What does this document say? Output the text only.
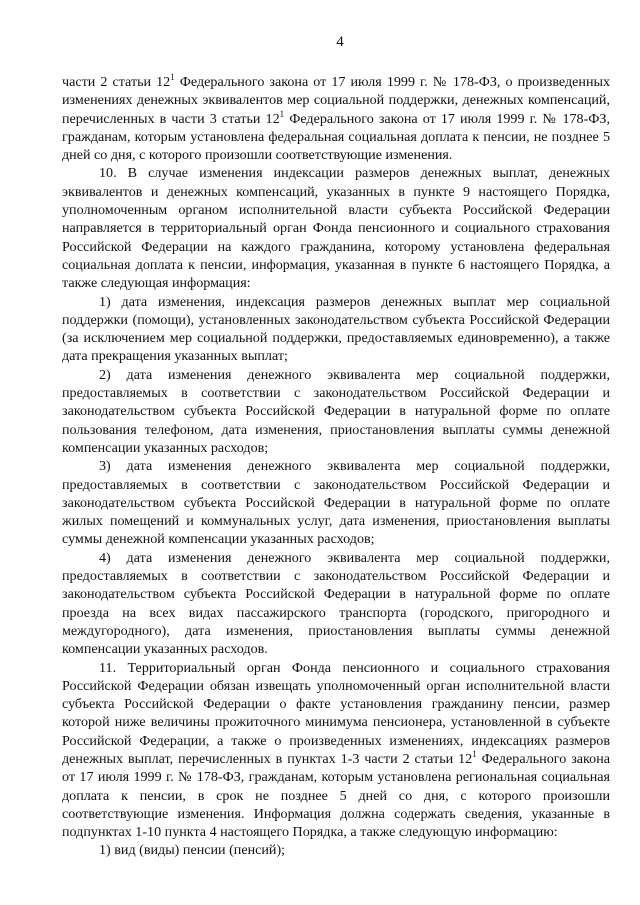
4

части 2 статьи $12^1$ Федерального закона от 17 июля 1999 г. № 178-ФЗ, о произведенных изменениях денежных эквивалентов мер социальной поддержки, денежных компенсаций, перечисленных в части 3 статьи $12^1$ Федерального закона от 17 июля 1999 г. № 178-ФЗ, гражданам, которым установлена федеральная социальная доплата к пенсии, не позднее 5 дней со дня, с которого произошли соответствующие изменения.

10. В случае изменения индексации размеров денежных выплат, денежных эквивалентов и денежных компенсаций, указанных в пункте 9 настоящего Порядка, уполномоченным органом исполнительной власти субъекта Российской Федерации направляется в территориальный орган Фонда пенсионного и социального страхования Российской Федерации на каждого гражданина, которому установлена федеральная социальная доплата к пенсии, информация, указанная в пункте 6 настоящего Порядка, а также следующая информация:

1) дата изменения, индексация размеров денежных выплат мер социальной поддержки (помощи), установленных законодательством субъекта Российской Федерации (за исключением мер социальной поддержки, предоставляемых единовременно), а также дата прекращения указанных выплат;

2) дата изменения денежного эквивалента мер социальной поддержки, предоставляемых в соответствии с законодательством Российской Федерации и законодательством субъекта Российской Федерации в натуральной форме по оплате пользования телефоном, дата изменения, приостановления выплаты суммы денежной компенсации указанных расходов;

3) дата изменения денежного эквивалента мер социальной поддержки, предоставляемых в соответствии с законодательством Российской Федерации и законодательством субъекта Российской Федерации в натуральной форме по оплате жилых помещений и коммунальных услуг, дата изменения, приостановления выплаты суммы денежной компенсации указанных расходов;

4) дата изменения денежного эквивалента мер социальной поддержки, предоставляемых в соответствии с законодательством Российской Федерации и законодательством субъекта Российской Федерации в натуральной форме по оплате проезда на всех видах пассажирского транспорта (городского, пригородного и междугородного), дата изменения, приостановления выплаты суммы денежной компенсации указанных расходов.

11. Территориальный орган Фонда пенсионного и социального страхования Российской Федерации обязан извещать уполномоченный орган исполнительной власти субъекта Российской Федерации о факте установления гражданину пенсии, размер которой ниже величины прожиточного минимума пенсионера, установленной в субъекте Российской Федерации, а также о произведенных изменениях, индексациях размеров денежных выплат, перечисленных в пунктах 1-3 части 2 статьи $12^1$ Федерального закона от 17 июля 1999 г. № 178-ФЗ, гражданам, которым установлена региональная социальная доплата к пенсии, в срок не позднее 5 дней со дня, с которого произошли соответствующие изменения. Информация должна содержать сведения, указанные в подпунктах 1-10 пункта 4 настоящего Порядка, а также следующую информацию:

1) вид (виды) пенсии (пенсий);
